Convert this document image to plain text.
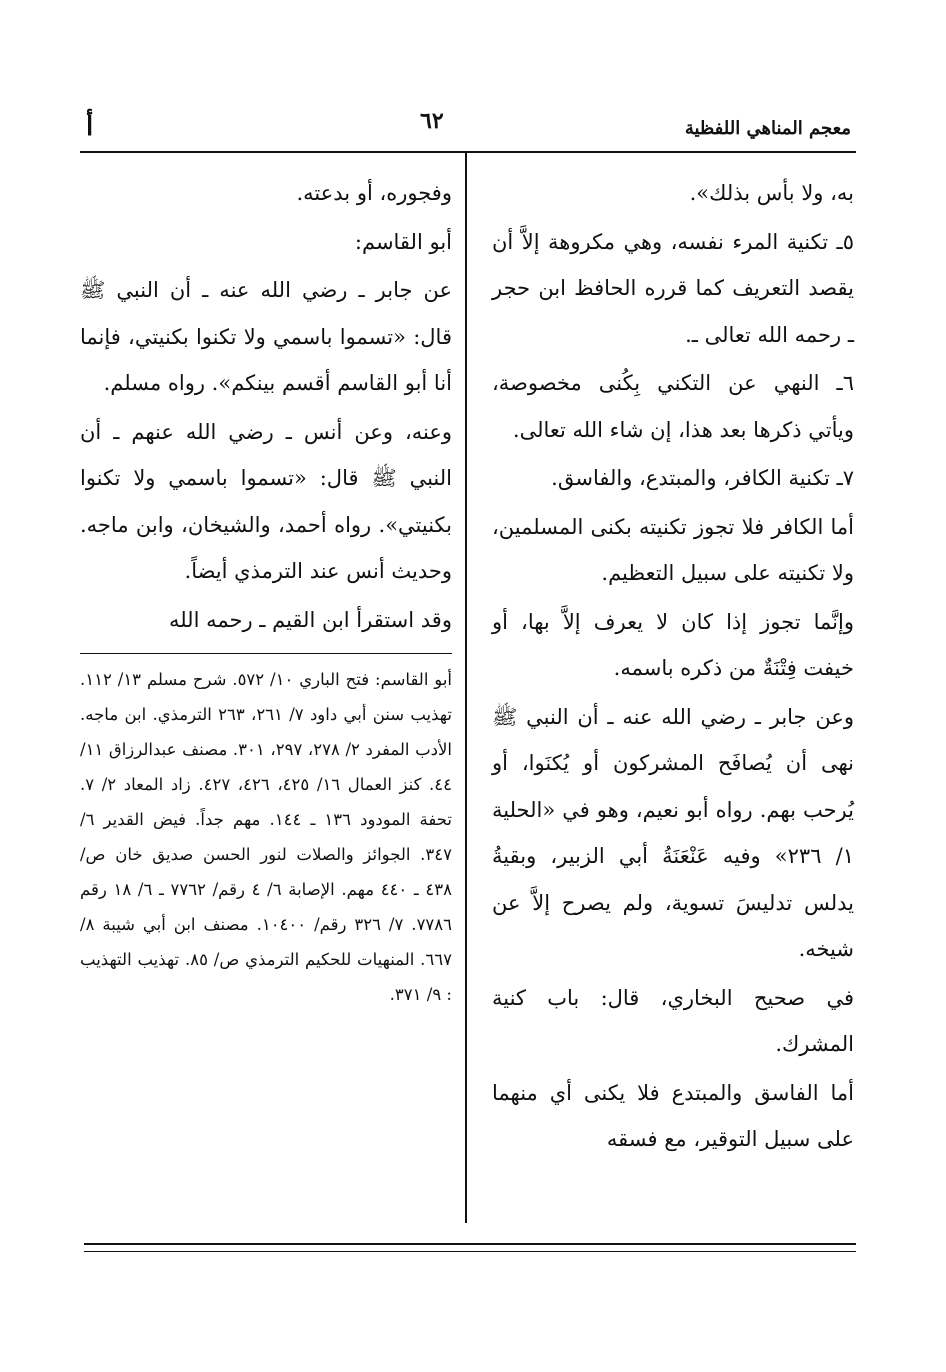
معجم المناهي اللفظية
٦٢
أ

به، ولا بأس بذلك».

٥ـ تكنية المرء نفسه، وهي مكروهة إلاَّ أن يقصد التعريف كما قرره الحافظ ابن حجر ـ رحمه الله تعالى ـ.

٦ـ النهي عن التكني بِكُنى مخصوصة، ويأتي ذكرها بعد هذا، إن شاء الله تعالى.

٧ـ تكنية الكافر، والمبتدع، والفاسق.

أما الكافر فلا تجوز تكنيته بكنى المسلمين، ولا تكنيته على سبيل التعظيم.

وإنَّما تجوز إذا كان لا يعرف إلاَّ بها، أو خيفت فِتْنَةٌ من ذكره باسمه.

وعن جابر ـ رضي الله عنه ـ أن النبي ﷺ نهى أن يُصافَح المشركون أو يُكنَوا، أو يُرحب بهم. رواه أبو نعيم، وهو في «الحلية ١/ ٢٣٦» وفيه عَنْعَنَةُ أبي الزبير، وبقيةُ يدلس تدليسَ تسوية، ولم يصرح إلاَّ عن شيخه.

في صحيح البخاري، قال: باب كنية المشرك.

أما الفاسق والمبتدع فلا يكنى أي منهما على سبيل التوقير، مع فسقه

وفجوره، أو بدعته.

أبو القاسم:

عن جابر ـ رضي الله عنه ـ أن النبي ﷺ قال: «تسموا باسمي ولا تكنوا بكنيتي، فإنما أنا أبو القاسم أقسم بينكم». رواه مسلم.

وعنه، وعن أنس ـ رضي الله عنهم ـ أن النبي ﷺ قال: «تسموا باسمي ولا تكنوا بكنيتي». رواه أحمد، والشيخان، وابن ماجه. وحديث أنس عند الترمذي أيضاً.

وقد استقرأ ابن القيم ـ رحمه الله

أبو القاسم: فتح الباري ١٠/ ٥٧٢. شرح مسلم ١٣/ ١١٢. تهذيب سنن أبي داود ٧/ ٢٦١، ٢٦٣ الترمذي. ابن ماجه. الأدب المفرد ٢/ ٢٧٨، ٢٩٧، ٣٠١. مصنف عبدالرزاق ١١/ ٤٤. كنز العمال ١٦/ ٤٢٥، ٤٢٦، ٤٢٧. زاد المعاد ٢/ ٧. تحفة المودود ١٣٦ ـ ١٤٤. مهم جداً. فيض القدير ٦/ ٣٤٧. الجوائز والصلات لنور الحسن صديق خان ص/ ٤٣٨ ـ ٤٤٠ مهم. الإصابة ٦/ ٤ رقم/ ٧٧٦٢ ـ ٦/ ١٨ رقم ٧٧٨٦. ٧/ ٣٢٦ رقم/ ١٠٤٠٠. مصنف ابن أبي شيبة ٨/ ٦٦٧. المنهيات للحكيم الترمذي ص/ ٨٥. تهذيب التهذيب : ٩/ ٣٧١.
